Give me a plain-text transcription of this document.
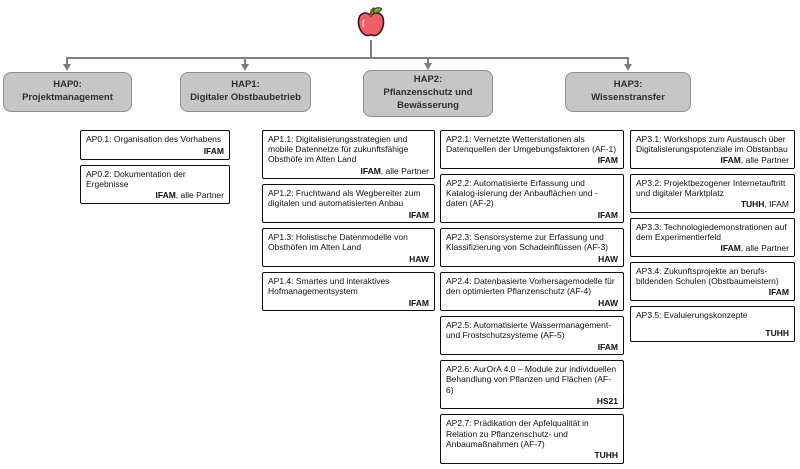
HAP0:
Projektmanagement
HAP1:
Digitaler Obstbaubetrieb
HAP2:
Pflanzenschutz und Bewässerung
HAP3:
Wissenstransfer
AP0.1: Organisation des Vorhabens
IFAM
AP0.2: Dokumentation der Ergebnisse
IFAM, alle Partner
AP1.1: Digitalisierungsstrategien und mobile Datennetze für zukunftsfähige Obsthöfe im Alten Land
IFAM, alle Partner
AP1.2: Fruchtwand als Wegbereiter zum digitalen und automatisierten Anbau
IFAM
AP1.3: Holistische Datenmodelle von Obsthöfen im Alten Land
HAW
AP1.4: Smartes und interaktives Hofmanagementsystem
IFAM
AP2.1: Vernetzte Wetterstationen als Datenquellen der Umgebungsfaktoren (AF-1)
IFAM
AP2.2: Automatisierte Erfassung und Katalog-isierung der Anbauflächen und -daten (AF-2)
IFAM
AP2.3: Sensorsysteme zur Erfassung und Klassifizierung von Schadeinflüssen (AF-3)
HAW
AP2.4: Datenbasierte Vorhersagemodelle für den optimierten Pflanzenschutz (AF-4)
HAW
AP2.5: Automatisierte Wassermanagement- und Frostschutzsysteme (AF-5)
IFAM
AP2.6: AurOrA 4.0 – Module zur individuellen Behandlung von Pflanzen und Flächen (AF-6)
HS21
AP2.7: Prädikation der Apfelqualität in Relation zu Pflanzenschutz- und Anbaumaßnahmen (AF-7)
TUHH
AP3.1: Workshops zum Austausch über Digitalisierungspotenziale im Obstanbau
IFAM, alle Partner
AP3.2: Projektbezogener Internetauftritt und digitaler Marktplatz
TUHH, IFAM
AP3.3: Technologiedemonstrationen auf dem Experimentierfeld
IFAM, alle Partner
AP3.4: Zukunftsprojekte an berufs-bildenden Schulen (Obstbaumeistern)
IFAM
AP3.5: Evaluierungskonzepte
TUHH
